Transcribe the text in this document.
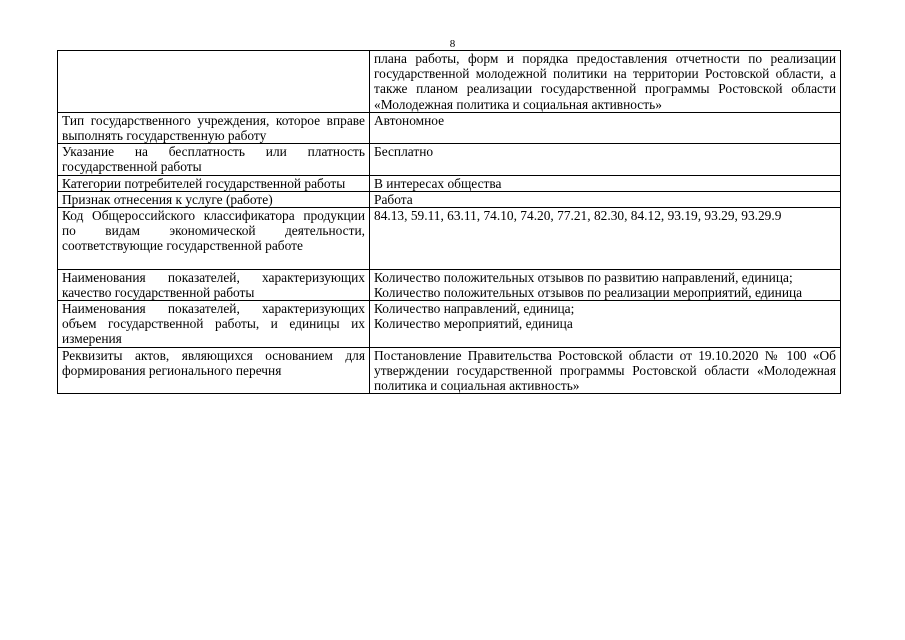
8
	плана работы, форм и порядка предоставления отчетности по реализации государственной молодежной политики на территории Ростовской области, а также планом реализации государственной программы Ростовской области «Молодежная политика и социальная активность»
Тип государственного учреждения, которое вправе выполнять государственную работу	Автономное
Указание на бесплатность или платность государственной работы	Бесплатно
Категории потребителей государственной работы	В интересах общества
Признак отнесения к услуге (работе)	Работа

Код Общероссийского классификатора продукции по видам экономической деятельности, соответствующие государственной работе	84.13, 59.11, 63.11, 74.10, 74.20, 77.21, 82.30, 84.12, 93.19, 93.29, 93.29.9
Наименования показателей, характеризующих качество государственной работы	Количество положительных отзывов по развитию направлений, единица;
Количество положительных отзывов по реализации мероприятий, единица

Наименования показателей, характеризующих объем государственной работы, и единицы их измерения	Количество направлений, единица;
Количество мероприятий, единица

Реквизиты актов, являющихся основанием для формирования регионального перечня	Постановление Правительства Ростовской области от 19.10.2020 № 100 «Об утверждении государственной программы Ростовской области «Молодежная политика и социальная активность»
